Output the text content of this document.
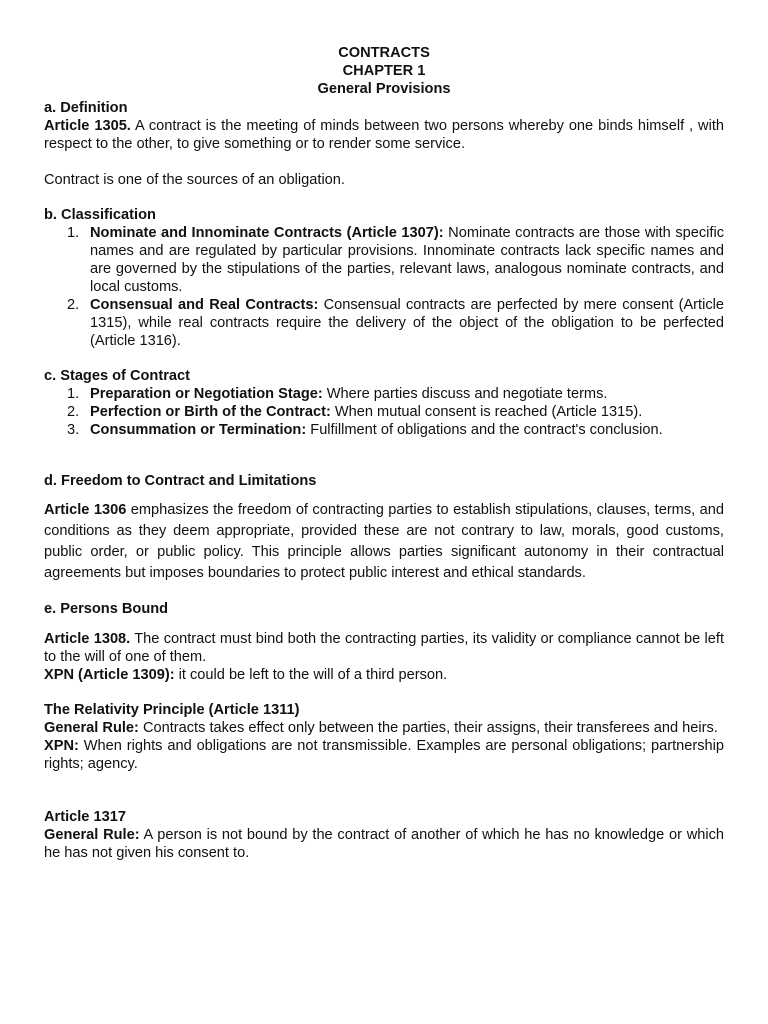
CONTRACTS
CHAPTER 1
General Provisions
a. Definition

Article 1305. A contract is the meeting of minds between two persons whereby one binds himself , with respect to the other, to give something or to render some service.

Contract is one of the sources of an obligation.

b. Classification
1. Nominate and Innominate Contracts (Article 1307): Nominate contracts are those with specific names and are regulated by particular provisions. Innominate contracts lack specific names and are governed by the stipulations of the parties, relevant laws, analogous nominate contracts, and local customs.
2. Consensual and Real Contracts: Consensual contracts are perfected by mere consent (Article 1315), while real contracts require the delivery of the object of the obligation to be perfected (Article 1316).
c. Stages of Contract
1. Preparation or Negotiation Stage: Where parties discuss and negotiate terms.
2. Perfection or Birth of the Contract: When mutual consent is reached (Article 1315).
3. Consummation or Termination: Fulfillment of obligations and the contract's conclusion.
d. Freedom to Contract and Limitations

Article 1306 emphasizes the freedom of contracting parties to establish stipulations, clauses, terms, and conditions as they deem appropriate, provided these are not contrary to law, morals, good customs, public order, or public policy. This principle allows parties significant autonomy in their contractual agreements but imposes boundaries to protect public interest and ethical standards.

e. Persons Bound

Article 1308. The contract must bind both the contracting parties, its validity or compliance cannot be left to the will of one of them.

XPN (Article 1309): it could be left to the will of a third person.

The Relativity Principle (Article 1311)

General Rule: Contracts takes effect only between the parties, their assigns, their transferees and heirs.

XPN: When rights and obligations are not transmissible. Examples are personal obligations; partnership rights; agency.

Article 1317

General Rule: A person is not bound by the contract of another of which he has no knowledge or which he has not given his consent to.
